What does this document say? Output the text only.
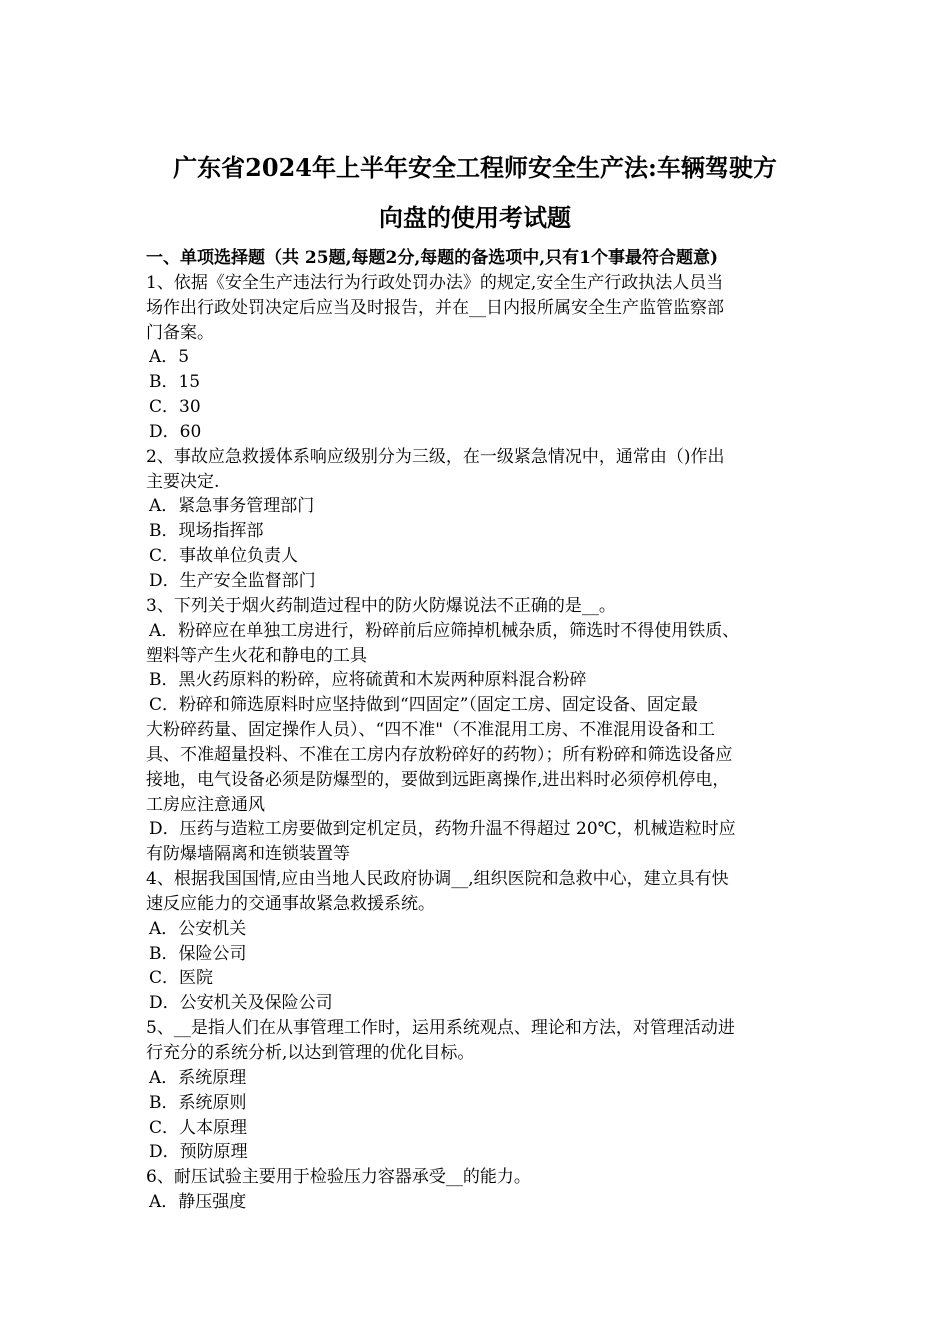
广东省2024年上半年安全工程师安全生产法:车辆驾驶方
向盘的使用考试题
一、单项选择题（共 25题,每题2分,每题的备选项中,只有1个事最符合题意)
1、依据《安全生产违法行为行政处罚办法》的规定,安全生产行政执法人员当
场作出行政处罚决定后应当及时报告，并在__日内报所属安全生产监管监察部
门备案。
A．5
B．15
C．30
D．60
2、事故应急救援体系响应级别分为三级，在一级紧急情况中，通常由（)作出
主要决定.
A．紧急事务管理部门
B．现场指挥部
C．事故单位负责人
D．生产安全监督部门
3、下列关于烟火药制造过程中的防火防爆说法不正确的是__。
A．粉碎应在单独工房进行，粉碎前后应筛掉机械杂质，筛选时不得使用铁质、
塑料等产生火花和静电的工具
B．黑火药原料的粉碎，应将硫黄和木炭两种原料混合粉碎
C．粉碎和筛选原料时应坚持做到“四固定”（固定工房、固定设备、固定最
大粉碎药量、固定操作人员）、“四不准"（不准混用工房、不准混用设备和工
具、不准超量投料、不准在工房内存放粉碎好的药物）；所有粉碎和筛选设备应
接地，电气设备必须是防爆型的，要做到远距离操作,进出料时必须停机停电，
工房应注意通风
D．压药与造粒工房要做到定机定员，药物升温不得超过 20℃，机械造粒时应
有防爆墙隔离和连锁装置等
4、根据我国国情,应由当地人民政府协调__,组织医院和急救中心，建立具有快
速反应能力的交通事故紧急救援系统。
A．公安机关
B．保险公司
C．医院
D．公安机关及保险公司
5、__是指人们在从事管理工作时，运用系统观点、理论和方法，对管理活动进
行充分的系统分析,以达到管理的优化目标。
A．系统原理
B．系统原则
C．人本原理
D．预防原理
6、耐压试验主要用于检验压力容器承受__的能力。
A．静压强度
